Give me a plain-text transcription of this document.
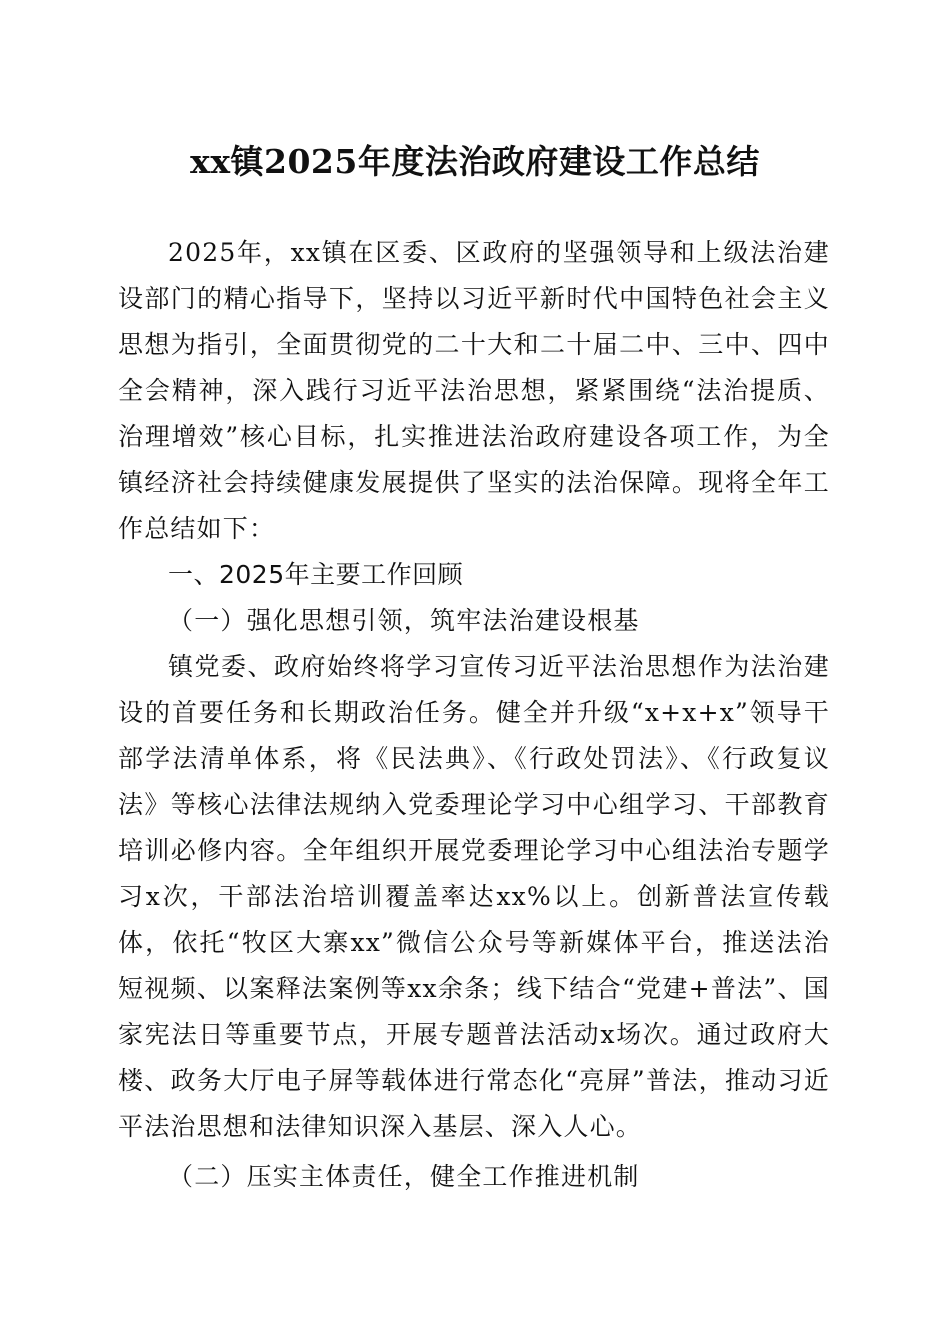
xx镇2025年度法治政府建设工作总结

2025年，xx镇在区委、区政府的坚强领导和上级法治建设部门的精心指导下，坚持以习近平新时代中国特色社会主义思想为指引，全面贯彻党的二十大和二十届二中、三中、四中全会精神，深入践行习近平法治思想，紧紧围绕“法治提质、治理增效”核心目标，扎实推进法治政府建设各项工作，为全镇经济社会持续健康发展提供了坚实的法治保障。现将全年工作总结如下：

一、2025年主要工作回顾

（一）强化思想引领，筑牢法治建设根基

镇党委、政府始终将学习宣传习近平法治思想作为法治建设的首要任务和长期政治任务。健全并升级“x+x+x”领导干部学法清单体系，将《民法典》、《行政处罚法》、《行政复议法》等核心法律法规纳入党委理论学习中心组学习、干部教育培训必修内容。全年组织开展党委理论学习中心组法治专题学习x次，干部法治培训覆盖率达xx%以上。创新普法宣传载体，依托“牧区大寨xx”微信公众号等新媒体平台，推送法治短视频、以案释法案例等xx余条；线下结合“党建+普法”、国家宪法日等重要节点，开展专题普法活动x场次。通过政府大楼、政务大厅电子屏等载体进行常态化“亮屏”普法，推动习近平法治思想和法律知识深入基层、深入人心。

（二）压实主体责任，健全工作推进机制
